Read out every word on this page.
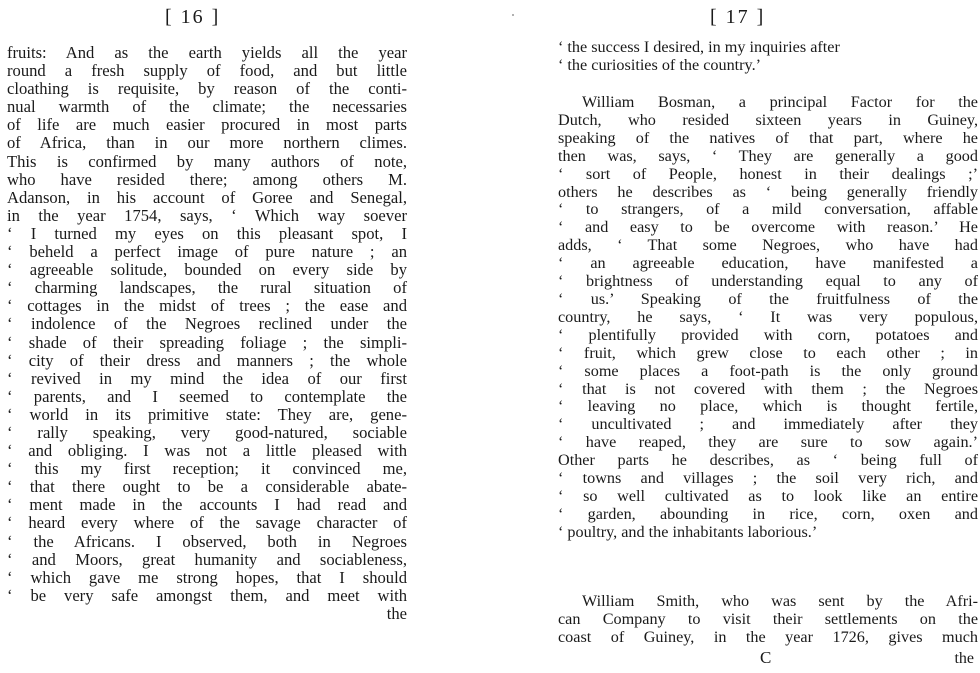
[ 16 ]
fruits: And as the earth yields all the year
round a fresh supply of food, and but little
cloathing is requisite, by reason of the conti-
nual warmth of the climate; the necessaries
of life are much easier procured in most parts
of Africa, than in our more northern climes.
This is confirmed by many authors of note,
who have resided there; among others M.
Adanson, in his account of Goree and Senegal,
in the year 1754, says, ‘ Which way soever
‘ I turned my eyes on this pleasant spot, I
‘ beheld a perfect image of pure nature ; an
‘ agreeable solitude, bounded on every side by
‘ charming landscapes, the rural situation of
‘ cottages in the midst of trees ; the ease and
‘ indolence of the Negroes reclined under the
‘ shade of their spreading foliage ; the simpli-
‘ city of their dress and manners ; the whole
‘ revived in my mind the idea of our first
‘ parents, and I seemed to contemplate the
‘ world in its primitive state: They are, gene-
‘ rally speaking, very good-natured, sociable
‘ and obliging. I was not a little pleased with
‘ this my first reception; it convinced me,
‘ that there ought to be a considerable abate-
‘ ment made in the accounts I had read and
‘ heard every where of the savage character of
‘ the Africans. I observed, both in Negroes
‘ and Moors, great humanity and sociableness,
‘ which gave me strong hopes, that I should
‘ be very safe amongst them, and meet with
the
[ 17 ]
‘ the success I desired, in my inquiries after
‘ the curiosities of the country.’
William Bosman, a principal Factor for the
Dutch, who resided sixteen years in Guiney,
speaking of the natives of that part, where he
then was, says, ‘ They are generally a good
‘ sort of People, honest in their dealings ;’
others he describes as ‘ being generally friendly
‘ to strangers, of a mild conversation, affable
‘ and easy to be overcome with reason.’ He
adds, ‘ That some Negroes, who have had
‘ an agreeable education, have manifested a
‘ brightness of understanding equal to any of
‘ us.’ Speaking of the fruitfulness of the
country, he says, ‘ It was very populous,
‘ plentifully provided with corn, potatoes and
‘ fruit, which grew close to each other ; in
‘ some places a foot-path is the only ground
‘ that is not covered with them ; the Negroes
‘ leaving no place, which is thought fertile,
‘ uncultivated ; and immediately after they
‘ have reaped, they are sure to sow again.’
Other parts he describes, as ‘ being full of
‘ towns and villages ; the soil very rich, and
‘ so well cultivated as to look like an entire
‘ garden, abounding in rice, corn, oxen and
‘ poultry, and the inhabitants laborious.’
William Smith, who was sent by the Afri-
can Company to visit their settlements on the
coast of Guiney, in the year 1726, gives much
C	the
